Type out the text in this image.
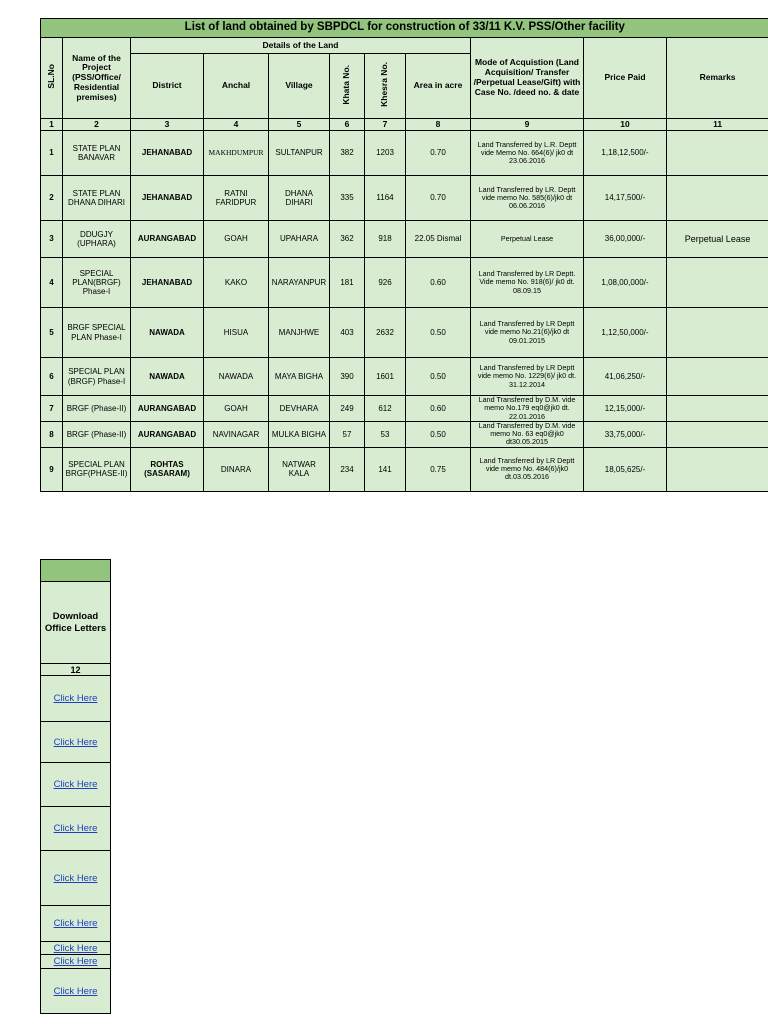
List of land obtained by SBPDCL for construction of 33/11 K.V. PSS/Other facility										
SL.No	Name of the Project (PSS/Office/ Residential premises)	Details of the Land						Mode of Acquistion (Land Acquisition/ Transfer /Perpetual Lease/Gift) with Case No. /deed no. & date	Price Paid	Remarks
		District	Anchal	Village	Khata No.	Khesra No.	Area in acre			
1	2	3	4	5	6	7	8	9	10	11
1	STATE PLAN BANAVAR	JEHANABAD	MAKHDUMPUR	SULTANPUR	382	1203	0.70	Land Transferred by L.R. Deptt vide Memo No. 664(6)/ jk0 dt 23.06.2016	1,18,12,500/-	
2	STATE PLAN DHANA DIHARI	JEHANABAD	RATNI FARIDPUR	DHANA DIHARI	335	1164	0.70	Land Transferred by LR. Deptt vide memo No. 585(6)/jk0 dt 06.06.2016	14,17,500/-	
3	DDUGJY (UPHARA)	AURANGABAD	GOAH	UPAHARA	362	918	22.05 Dismal	Perpetual Lease	36,00,000/-	Perpetual Lease
4	SPECIAL PLAN(BRGF) Phase-I	JEHANABAD	KAKO	NARAYANPUR	181	926	0.60	Land Transferred by LR Deptt. Vide memo No. 918(6)/ jk0 dt. 08.09.15	1,08,00,000/-	
5	BRGF SPECIAL PLAN Phase-I	NAWADA	HISUA	MANJHWE	403	2632	0.50	Land Transferred by LR Deptt vide memo No.21(6)/jk0 dt 09.01.2015	1,12,50,000/-	
6	SPECIAL PLAN (BRGF) Phase-I	NAWADA	NAWADA	MAYA BIGHA	390	1601	0.50	Land Transferred by LR Deptt vide memo No. 1229(6)/ jk0 dt. 31.12.2014	41,06,250/-	
7	BRGF (Phase-II)	AURANGABAD	GOAH	DEVHARA	249	612	0.60	Land Transferred by D.M. vide memo No.179 eq0@jk0 dt. 22.01.2016	12,15,000/-	
8	BRGF (Phase-II)	AURANGABAD	NAVINAGAR	MULKA BIGHA	57	53	0.50	Land Transferred by D.M. vide memo No. 63 eq0@jk0 dt30.05.2015	33,75,000/-	
9	SPECIAL PLAN BRGF(PHASE-II)	ROHTAS (SASARAM)	DINARA	NATWAR KALA	234	141	0.75	Land Transferred by LR Deptt vide memo No. 484(6)/jk0 dt.03.05.2016	18,05,625/-	

Download Office Letters
12
Click Here
Click Here
Click Here
Click Here
Click Here
Click Here
Click Here
Click Here
Click Here
